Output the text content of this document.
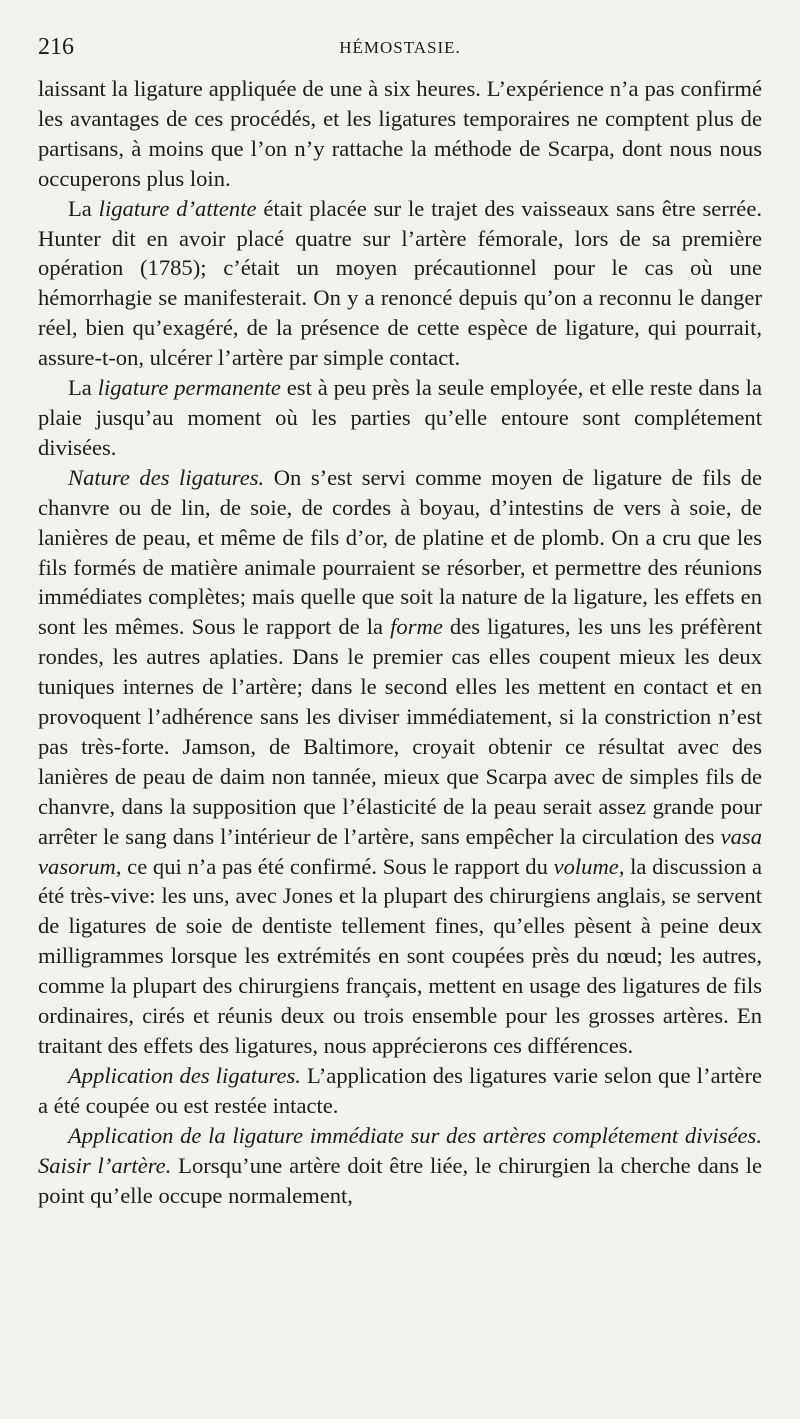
216	HÉMOSTASIE.

laissant la ligature appliquée de une à six heures. L’expérience n’a pas confirmé les avantages de ces procédés, et les ligatures temporaires ne comptent plus de partisans, à moins que l’on n’y rattache la méthode de Scarpa, dont nous nous occuperons plus loin.

La ligature d’attente était placée sur le trajet des vaisseaux sans être serrée. Hunter dit en avoir placé quatre sur l’artère fémorale, lors de sa première opération (1785); c’était un moyen précautionnel pour le cas où une hémorrhagie se manifesterait. On y a renoncé depuis qu’on a reconnu le danger réel, bien qu’exagéré, de la présence de cette espèce de ligature, qui pourrait, assure-t-on, ulcérer l’artère par simple contact.

La ligature permanente est à peu près la seule employée, et elle reste dans la plaie jusqu’au moment où les parties qu’elle entoure sont complétement divisées.

Nature des ligatures. On s’est servi comme moyen de ligature de fils de chanvre ou de lin, de soie, de cordes à boyau, d’intestins de vers à soie, de lanières de peau, et même de fils d’or, de platine et de plomb. On a cru que les fils formés de matière animale pourraient se résorber, et permettre des réunions immédiates complètes; mais quelle que soit la nature de la ligature, les effets en sont les mêmes. Sous le rapport de la forme des ligatures, les uns les préfèrent rondes, les autres aplaties. Dans le premier cas elles coupent mieux les deux tuniques internes de l’artère; dans le second elles les mettent en contact et en provoquent l’adhérence sans les diviser immédiatement, si la constriction n’est pas très-forte. Jamson, de Baltimore, croyait obtenir ce résultat avec des lanières de peau de daim non tannée, mieux que Scarpa avec de simples fils de chanvre, dans la supposition que l’élasticité de la peau serait assez grande pour arrêter le sang dans l’intérieur de l’artère, sans empêcher la circulation des vasa vasorum, ce qui n’a pas été confirmé. Sous le rapport du volume, la discussion a été très-vive: les uns, avec Jones et la plupart des chirurgiens anglais, se servent de ligatures de soie de dentiste tellement fines, qu’elles pèsent à peine deux milligrammes lorsque les extrémités en sont coupées près du nœud; les autres, comme la plupart des chirurgiens français, mettent en usage des ligatures de fils ordinaires, cirés et réunis deux ou trois ensemble pour les grosses artères. En traitant des effets des ligatures, nous apprécierons ces différences.

Application des ligatures. L’application des ligatures varie selon que l’artère a été coupée ou est restée intacte.

Application de la ligature immédiate sur des artères complétement divisées. Saisir l’artère. Lorsqu’une artère doit être liée, le chirurgien la cherche dans le point qu’elle occupe normalement,
